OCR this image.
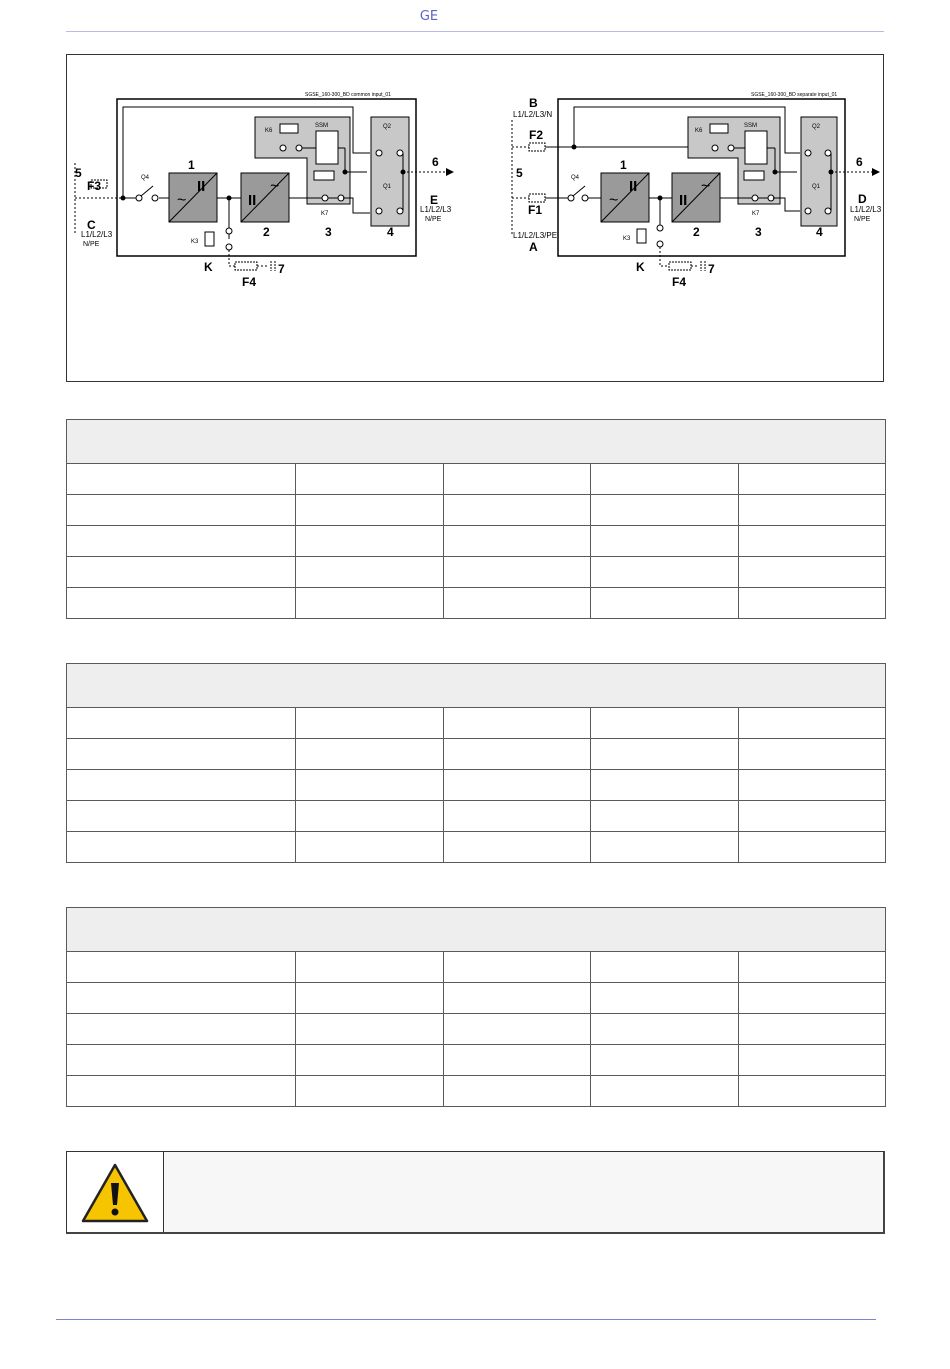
GE
SGSE_160-300_BD common input_01
~
II
II
~
Q4
K6
SSM
K7
Q2
Q1
K3
1
2	3	4
5
F3
C
L1/L2/L3
N/PE
6
E
L1/L2/L3
N/PE
K
F4
7
SGSE_160-300_BD separate input_01
~
II
II
~
Q4
K6
SSM
K7
Q2
Q1
K3
1
2	3	4
B
L1/L2/L3/N
F2
5
F1
L1/L2/L3/PE
A
6
D
L1/L2/L3
N/PE
K
F4
7
